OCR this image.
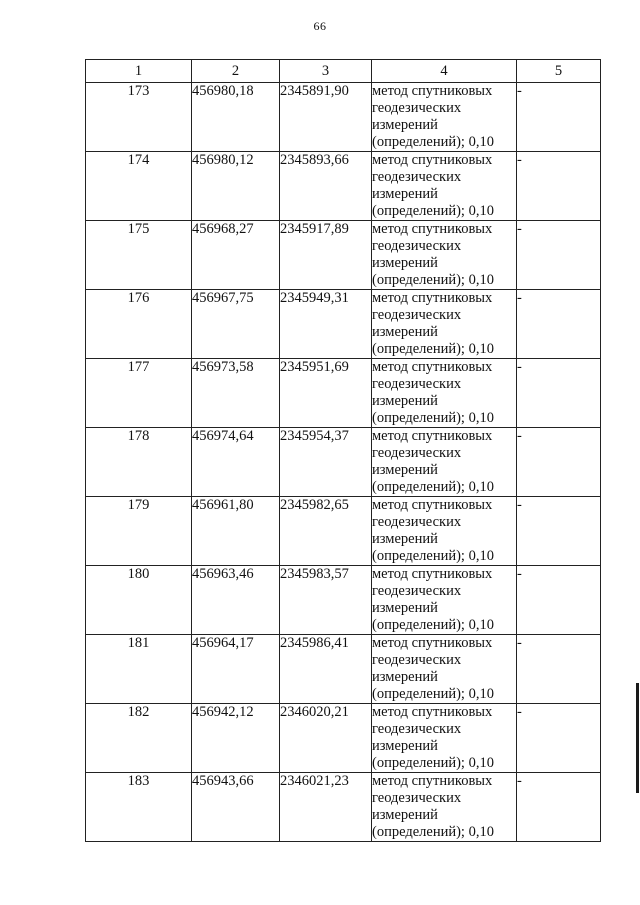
66
1	2	3	4	5
173	456980,18	2345891,90	метод спутниковых
геодезических
измерений
(определений); 0,10	-
174	456980,12	2345893,66	метод спутниковых
геодезических
измерений
(определений); 0,10	-
175	456968,27	2345917,89	метод спутниковых
геодезических
измерений
(определений); 0,10	-
176	456967,75	2345949,31	метод спутниковых
геодезических
измерений
(определений); 0,10	-
177	456973,58	2345951,69	метод спутниковых
геодезических
измерений
(определений); 0,10	-
178	456974,64	2345954,37	метод спутниковых
геодезических
измерений
(определений); 0,10	-
179	456961,80	2345982,65	метод спутниковых
геодезических
измерений
(определений); 0,10	-
180	456963,46	2345983,57	метод спутниковых
геодезических
измерений
(определений); 0,10	-
181	456964,17	2345986,41	метод спутниковых
геодезических
измерений
(определений); 0,10	-
182	456942,12	2346020,21	метод спутниковых
геодезических
измерений
(определений); 0,10	-
183	456943,66	2346021,23	метод спутниковых
геодезических
измерений
(определений); 0,10	-
